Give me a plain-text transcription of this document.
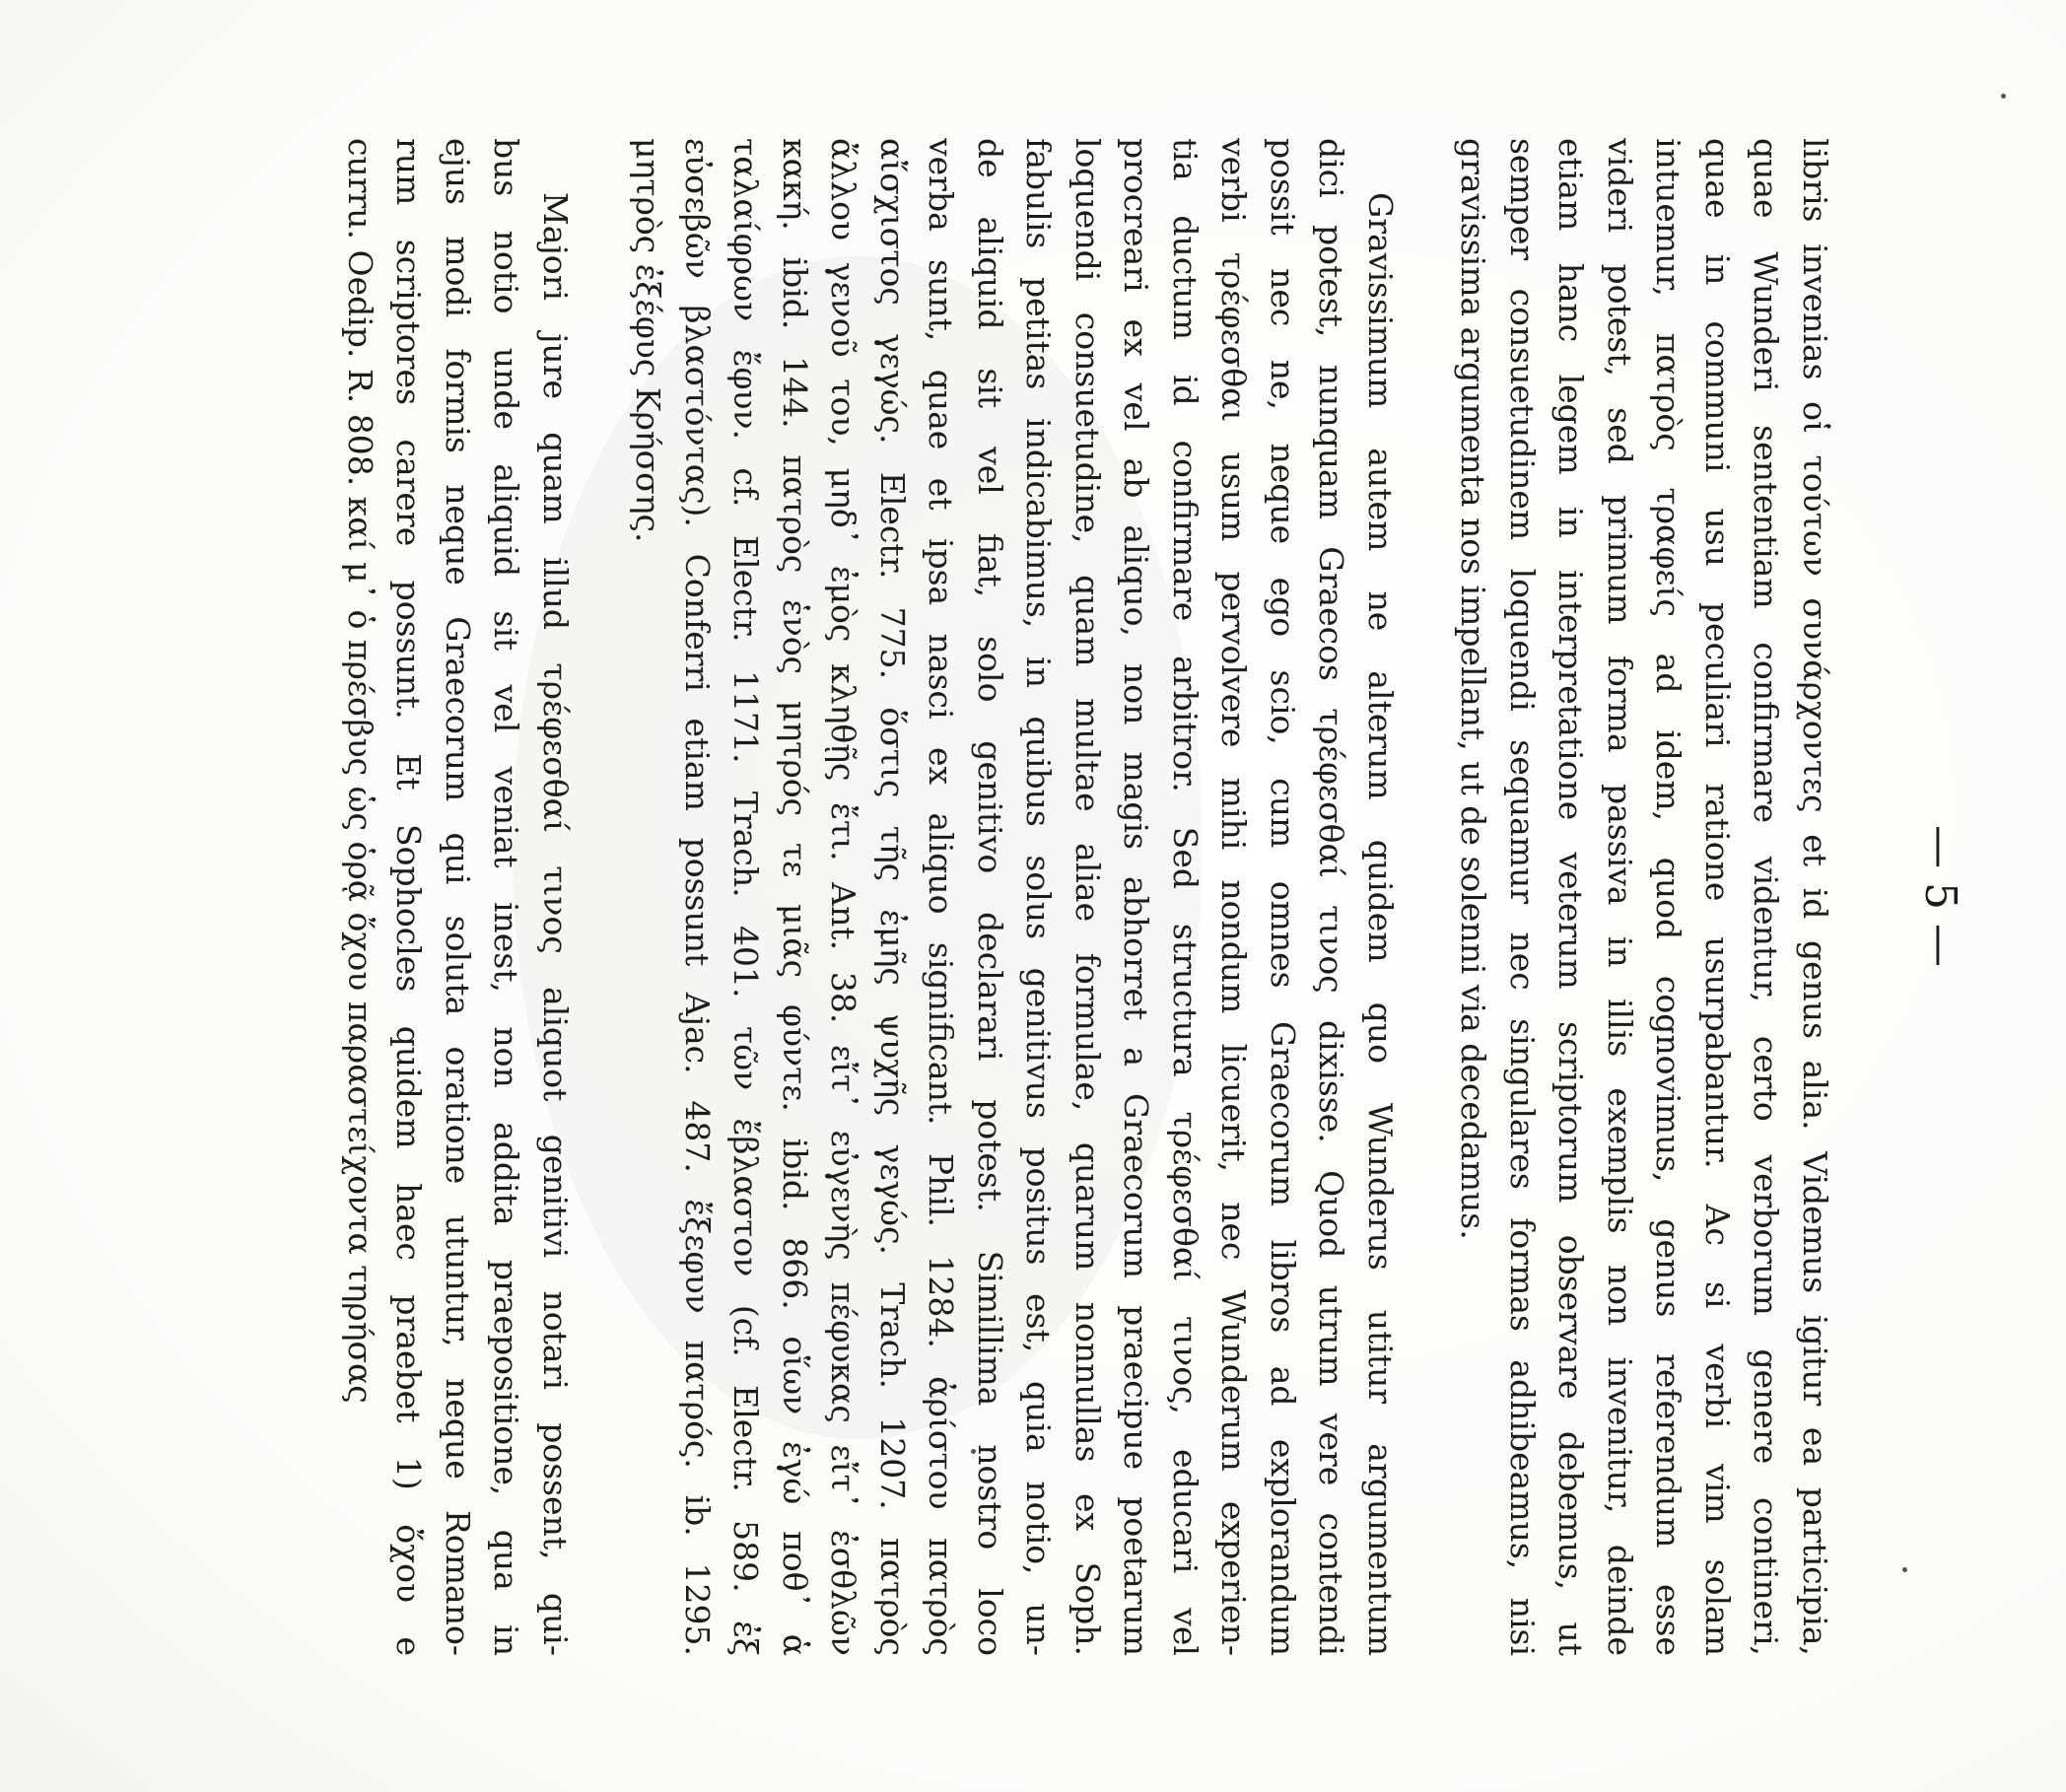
— 5 —
libris invenias οἱ τούτων συνάρχοντες et id genus alia. Videmus igitur ea participia,
quae Wunderi sententiam confirmare videntur, certo verborum genere contineri,
quae in communi usu peculiari ratione usurpabantur. Ac si verbi vim solam
intuemur, πατρὸς τραφείς ad idem, quod cognovimus, genus referendum esse
videri potest, sed primum forma passiva in illis exemplis non invenitur, deinde
etiam hanc legem in interpretatione veterum scriptorum observare debemus, ut
semper consuetudinem loquendi sequamur nec singulares formas adhibeamus, nisi
gravissima argumenta nos impellant, ut de solenni via decedamus.
Gravissimum autem ne alterum quidem quo Wunderus utitur argumentum
dici potest, nunquam Graecos τρέφεσθαί τινος dixisse. Quod utrum vere contendi
possit nec ne, neque ego scio, cum omnes Graecorum libros ad explorandum
verbi τρέφεσθαι usum pervolvere mihi nondum licuerit, nec Wunderum experien-
tia ductum id confirmare arbitror. Sed structura τρέφεσθαί τινος, educari vel
procreari ex vel ab aliquo, non magis abhorret a Graecorum praecipue poetarum
loquendi consuetudine, quam multae aliae formulae, quarum nonnullas ex Soph.
fabulis petitas indicabimus, in quibus solus genitivus positus est, quia notio, un-
de aliquid sit vel fiat, solo genitivo declarari potest. Simillima nostro loco
verba sunt, quae et ipsa nasci ex aliquo significant. Phil. 1284. ἀρίστου πατρὸς
αἴσχιστος γεγώς. Electr. 775. ὅστις τῆς ἐμῆς ψυχῆς γεγώς. Trach. 1207. πατρὸς
ἄλλου γενοῦ του, μηδ᾿ ἐμὸς κληθῇς ἔτι. Ant. 38. εἴτ᾿ εὐγενὴς πέφυκας εἴτ᾿ ἐσθλῶν
κακή. ibid. 144. πατρὸς ἑνὸς μητρός τε μιᾶς φύντε. ibid. 866. οἵων ἐγώ ποθ᾿ ἁ
ταλαίφρων ἔφυν. cf. Electr. 1171. Trach. 401. τῶν ἔβλαστον (cf. Electr. 589. ἐξ
εὐσεβῶν βλαστόντας). Conferri etiam possunt Ajac. 487. ἔξεφυν πατρός. ib. 1295.
μητρὸς ἐξέφυς Κρήσσης.
Majori jure quam illud τρέφεσθαί τινος aliquot genitivi notari possent, qui-
bus notio unde aliquid sit vel veniat inest, non addita praepositione, qua in
ejus modi formis neque Graecorum qui soluta oratione utuntur, neque Romano-
rum scriptores carere possunt. Et Sophocles quidem haec praebet 1) ὄχου e
curru. Oedip. R. 808. καί μ᾿ ὁ πρέσβυς ὡς ὁρᾷ ὄχου παραστείχοντα τηρήσας
